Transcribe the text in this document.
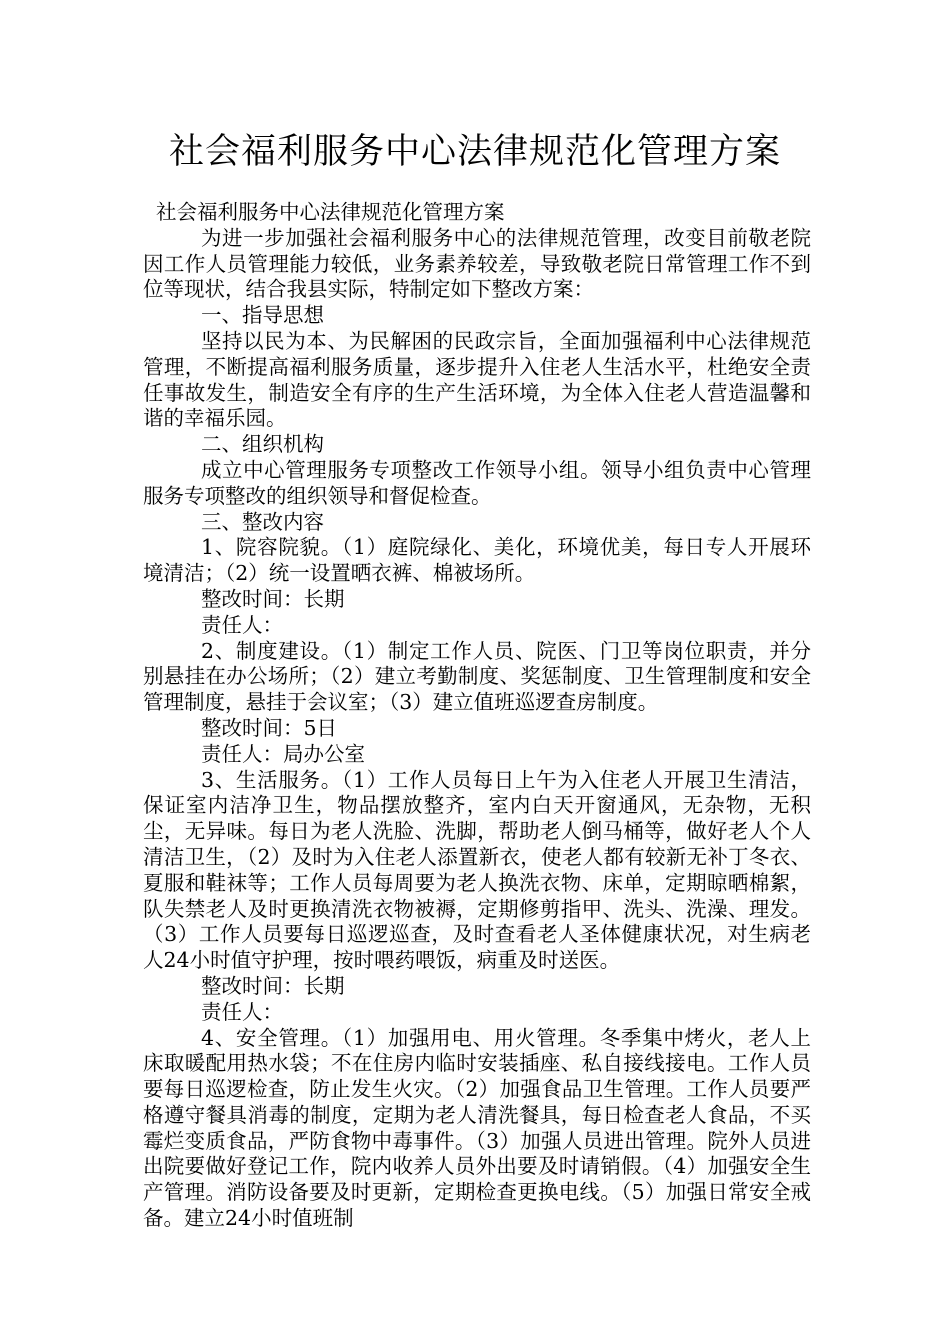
社会福利服务中心法律规范化管理方案

社会福利服务中心法律规范化管理方案

为进一步加强社会福利服务中心的法律规范管理，改变目前敬老院因工作人员管理能力较低，业务素养较差，导致敬老院日常管理工作不到位等现状，结合我县实际，特制定如下整改方案：

一、指导思想

坚持以民为本、为民解困的民政宗旨，全面加强福利中心法律规范管理，不断提高福利服务质量，逐步提升入住老人生活水平，杜绝安全责任事故发生，制造安全有序的生产生活环境，为全体入住老人营造温馨和谐的幸福乐园。

二、组织机构

成立中心管理服务专项整改工作领导小组。领导小组负责中心管理服务专项整改的组织领导和督促检查。

三、整改内容

1、院容院貌。（1）庭院绿化、美化，环境优美，每日专人开展环境清洁；（2）统一设置晒衣裤、棉被场所。

整改时间：长期

责任人：

2、制度建设。（1）制定工作人员、院医、门卫等岗位职责，并分别悬挂在办公场所；（2）建立考勤制度、奖惩制度、卫生管理制度和安全管理制度，悬挂于会议室；（3）建立值班巡逻查房制度。

整改时间：5日

责任人：局办公室

3、生活服务。（1）工作人员每日上午为入住老人开展卫生清洁，保证室内洁净卫生，物品摆放整齐，室内白天开窗通风，无杂物，无积尘，无异味。每日为老人洗脸、洗脚，帮助老人倒马桶等，做好老人个人清洁卫生，（2）及时为入住老人添置新衣，使老人都有较新无补丁冬衣、夏服和鞋袜等；工作人员每周要为老人换洗衣物、床单，定期晾晒棉絮，队失禁老人及时更换清洗衣物被褥，定期修剪指甲、洗头、洗澡、理发。（3）工作人员要每日巡逻巡查，及时查看老人圣体健康状况，对生病老人24小时值守护理，按时喂药喂饭，病重及时送医。

整改时间：长期

责任人：

4、安全管理。（1）加强用电、用火管理。冬季集中烤火，老人上床取暖配用热水袋；不在住房内临时安装插座、私自接线接电。工作人员要每日巡逻检查，防止发生火灾。（2）加强食品卫生管理。工作人员要严格遵守餐具消毒的制度，定期为老人清洗餐具，每日检查老人食品，不买霉烂变质食品，严防食物中毒事件。（3）加强人员进出管理。院外人员进出院要做好登记工作，院内收养人员外出要及时请销假。（4）加强安全生产管理。消防设备要及时更新，定期检查更换电线。（5）加强日常安全戒备。建立24小时值班制
